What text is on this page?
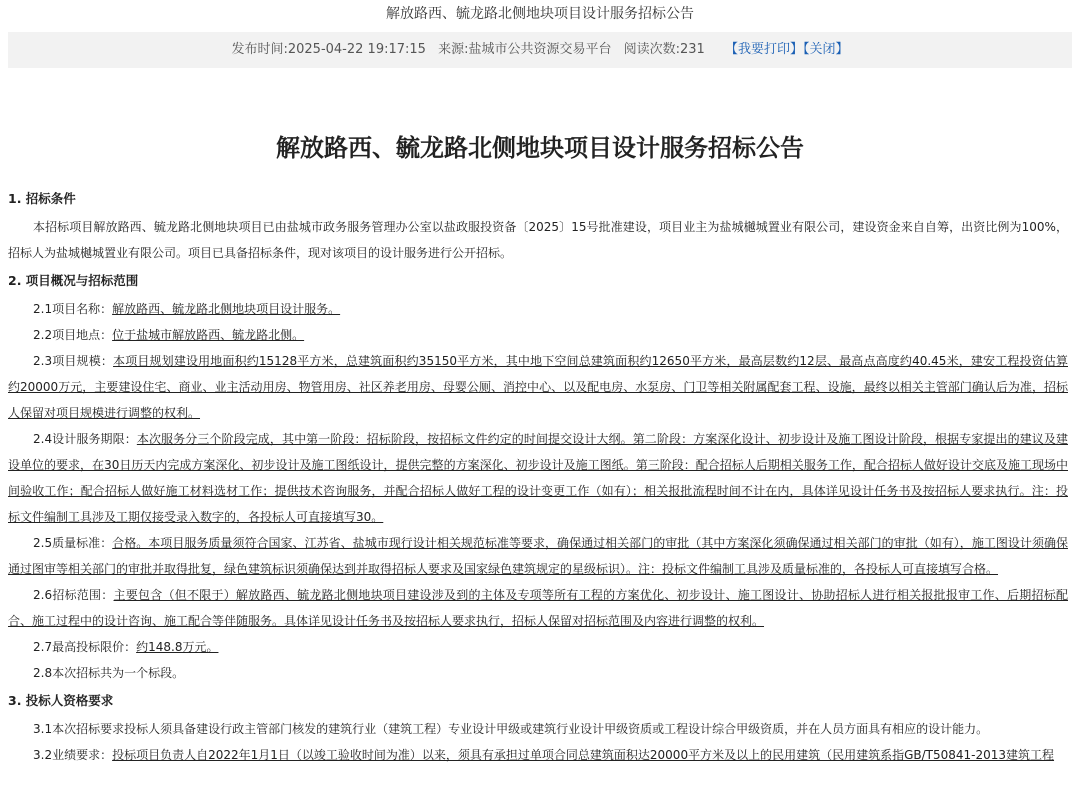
解放路西、毓龙路北侧地块项目设计服务招标公告
发布时间:2025-04-22 19:17:15 来源:盐城市公共资源交易平台 阅读次数:231 【我要打印】【关闭】
解放路西、毓龙路北侧地块项目设计服务招标公告
1. 招标条件
本招标项目解放路西、毓龙路北侧地块项目已由盐城市政务服务管理办公室以盐政服投资备〔2025〕15号批准建设，项目业主为盐城樾城置业有限公司，建设资金来自自筹，出资比例为100%，招标人为盐城樾城置业有限公司。项目已具备招标条件，现对该项目的设计服务进行公开招标。
2. 项目概况与招标范围
2.1项目名称：解放路西、毓龙路北侧地块项目设计服务。
2.2项目地点：位于盐城市解放路西、毓龙路北侧。
2.3项目规模：本项目规划建设用地面积约15128平方米，总建筑面积约35150平方米，其中地下空间总建筑面积约12650平方米，最高层数约12层、最高点高度约40.45米，建安工程投资估算约20000万元，主要建设住宅、商业、业主活动用房、物管用房、社区养老用房、母婴公厕、消控中心、以及配电房、水泵房、门卫等相关附属配套工程、设施，最终以相关主管部门确认后为准，招标人保留对项目规模进行调整的权利。
2.4设计服务期限：本次服务分三个阶段完成，其中第一阶段：招标阶段，按招标文件约定的时间提交设计大纲。第二阶段：方案深化设计、初步设计及施工图设计阶段，根据专家提出的建议及建设单位的要求，在30日历天内完成方案深化、初步设计及施工图纸设计，提供完整的方案深化、初步设计及施工图纸。第三阶段：配合招标人后期相关服务工作，配合招标人做好设计交底及施工现场中间验收工作；配合招标人做好施工材料选材工作；提供技术咨询服务，并配合招标人做好工程的设计变更工作（如有）；相关报批流程时间不计在内，具体详见设计任务书及按招标人要求执行。注：投标文件编制工具涉及工期仅接受录入数字的，各投标人可直接填写30。
2.5质量标准：合格。本项目服务质量须符合国家、江苏省、盐城市现行设计相关规范标准等要求，确保通过相关部门的审批（其中方案深化须确保通过相关部门的审批（如有），施工图设计须确保通过图审等相关部门的审批并取得批复，绿色建筑标识须确保达到并取得招标人要求及国家绿色建筑规定的星级标识）。注：投标文件编制工具涉及质量标准的，各投标人可直接填写合格。
2.6招标范围：主要包含（但不限于）解放路西、毓龙路北侧地块项目建设涉及到的主体及专项等所有工程的方案优化、初步设计、施工图设计、协助招标人进行相关报批报审工作、后期招标配合、施工过程中的设计咨询、施工配合等伴随服务。具体详见设计任务书及按招标人要求执行，招标人保留对招标范围及内容进行调整的权利。
2.7最高投标限价：约148.8万元。
2.8本次招标共为一个标段。
3. 投标人资格要求
3.1本次招标要求投标人须具备建设行政主管部门核发的建筑行业（建筑工程）专业设计甲级或建筑行业设计甲级资质或工程设计综合甲级资质，并在人员方面具有相应的设计能力。
3.2业绩要求：投标项目负责人自2022年1月1日（以竣工验收时间为准）以来，须具有承担过单项合同总建筑面积达20000平方米及以上的民用建筑（民用建筑系指GB/T50841-2013建筑工程
